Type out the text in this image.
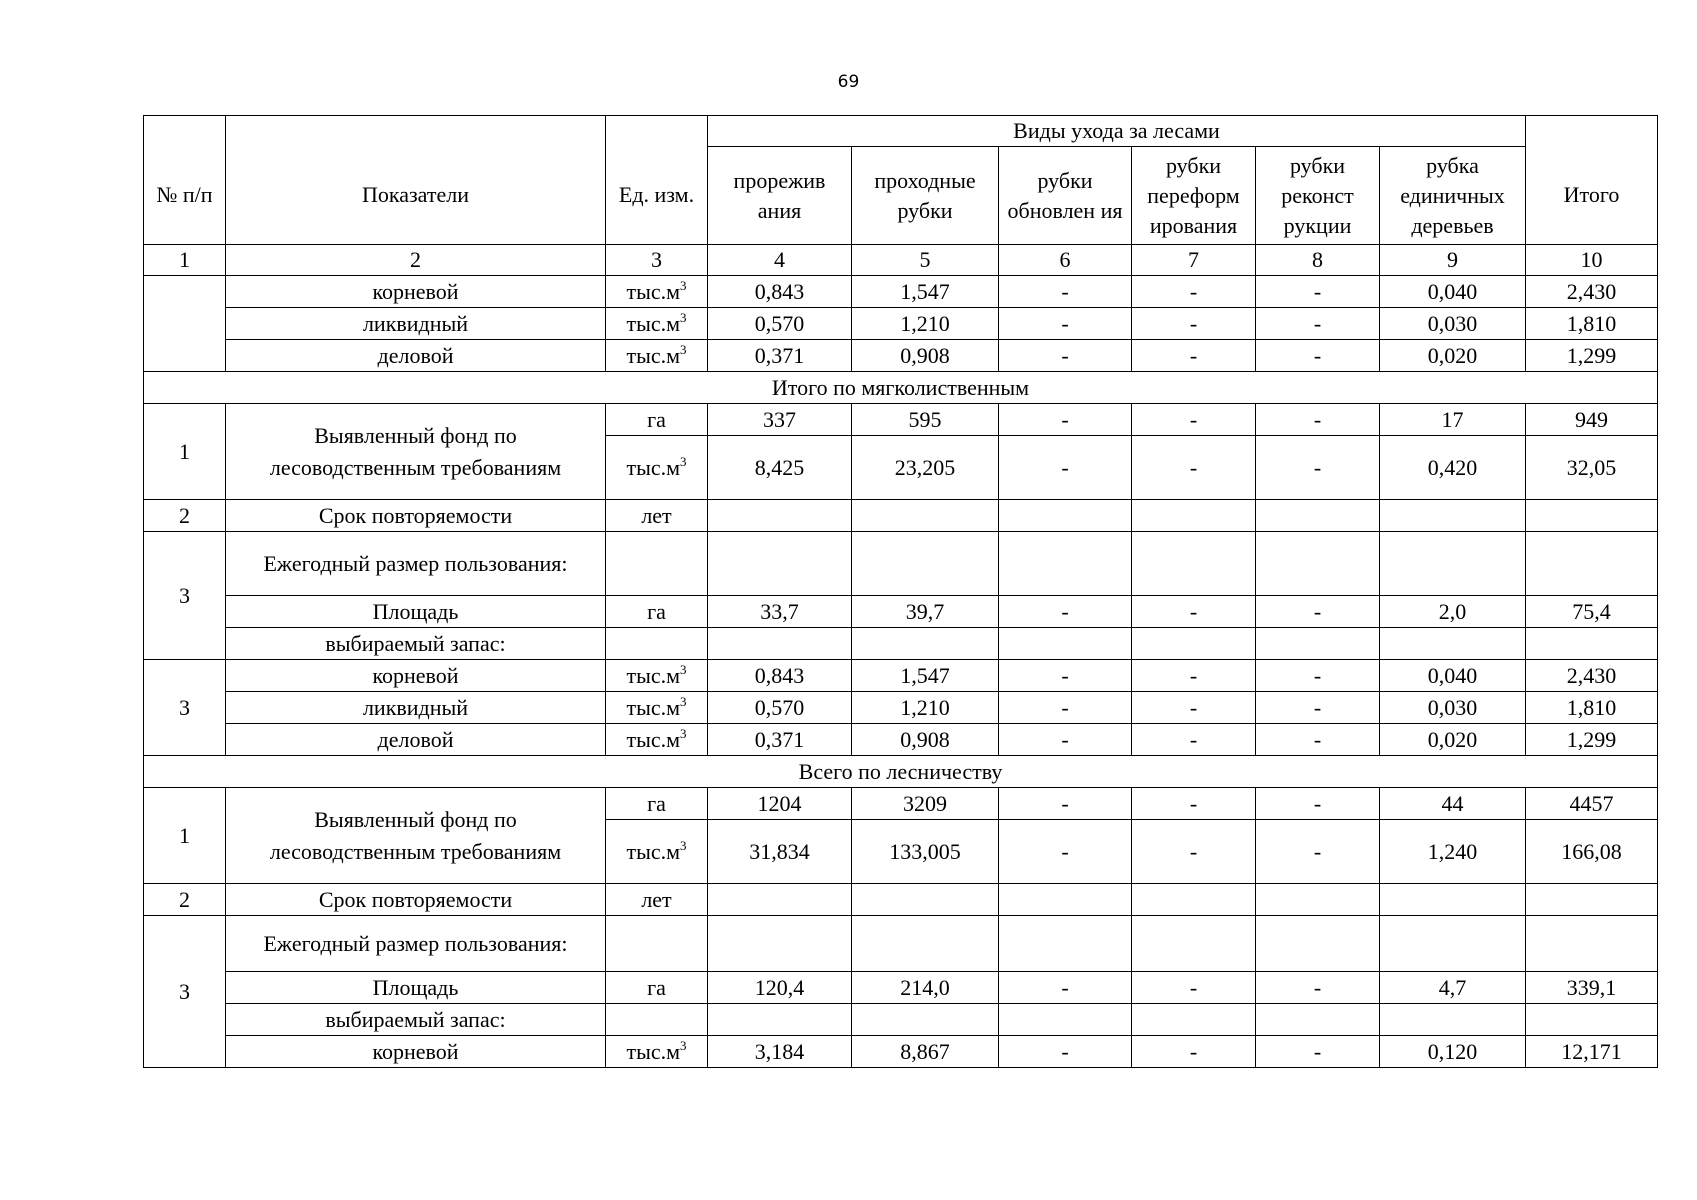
69
№ п/п	Показатели	Ед. изм.	Виды ухода за лесами						Итого
			прорежив ания	проходные рубки	рубки обновлен ия	рубки переформ ирования	рубки реконст рукции	рубка единичных деревьев	
1	2	3	4	5	6	7	8	9	10
	корневой	$тыс.м^3$	0,843	1,547	-	-	-	0,040	2,430
	ликвидный	$тыс.м^3$	0,570	1,210	-	-	-	0,030	1,810
	деловой	$тыс.м^3$	0,371	0,908	-	-	-	0,020	1,299
Итого по мягколиственным									
1	Выявленный фонд по лесоводственным требованиям	га	337	595	-	-	-	17	949
		$тыс.м^3$	8,425	23,205	-	-	-	0,420	32,05
2	Срок повторяемости	лет							
3	Ежегодный размер пользования:								
	Площадь	га	33,7	39,7	-	-	-	2,0	75,4
	выбираемый запас:								
3	корневой	$тыс.м^3$	0,843	1,547	-	-	-	0,040	2,430
	ликвидный	$тыс.м^3$	0,570	1,210	-	-	-	0,030	1,810
	деловой	$тыс.м^3$	0,371	0,908	-	-	-	0,020	1,299
Всего по лесничеству									
1	Выявленный фонд по лесоводственным требованиям	га	1204	3209	-	-	-	44	4457
		$тыс.м^3$	31,834	133,005	-	-	-	1,240	166,08
2	Срок повторяемости	лет							
3	Ежегодный размер пользования:								
	Площадь	га	120,4	214,0	-	-	-	4,7	339,1
	выбираемый запас:								
	корневой	$тыс.м^3$	3,184	8,867	-	-	-	0,120	12,171
